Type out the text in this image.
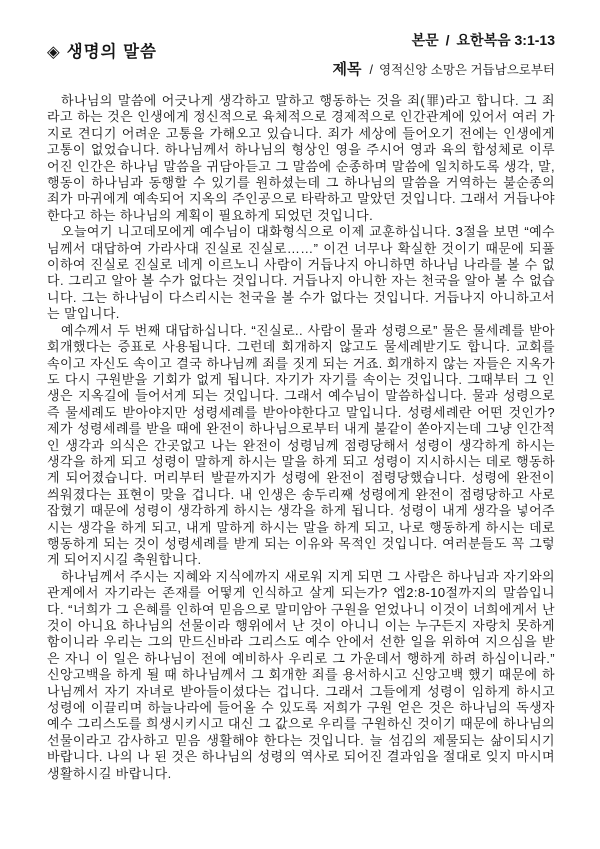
◈ 생명의 말씀
본문 / 요한복음 3:1-13
제목 / 영적신앙 소망은 거듭남으로부터

하나님의 말씀에 어긋나게 생각하고 말하고 행동하는 것을 죄(罪)라고 합니다. 그 죄라고 하는 것은 인생에게 정신적으로 육체적으로 경제적으로 인간관계에 있어서 여러 가지로 견디기 어려운 고통을 가해오고 있습니다. 죄가 세상에 들어오기 전에는 인생에게 고통이 없었습니다. 하나님께서 하나님의 형상인 영을 주시어 영과 육의 합성체로 이루어진 인간은 하나님 말씀을 귀담아듣고 그 말씀에 순종하며 말씀에 일치하도록 생각, 말, 행동이 하나님과 동행할 수 있기를 원하셨는데 그 하나님의 말씀을 거역하는 불순종의 죄가 마귀에게 예속되어 지옥의 주인공으로 타락하고 말았던 것입니다. 그래서 거듭나야한다고 하는 하나님의 계획이 필요하게 되었던 것입니다.

오늘여기 니고데모에게 예수님이 대화형식으로 이제 교훈하십니다. 3절을 보면 “예수님께서 대답하여 가라사대 진실로 진실로……” 이건 너무나 확실한 것이기 때문에 되풀이하여 진실로 진실로 네게 이르노니 사람이 거듭나지 아니하면 하나님 나라를 볼 수 없다. 그리고 알아 볼 수가 없다는 것입니다. 거듭나지 아니한 자는 천국을 알아 볼 수 없습니다. 그는 하나님이 다스리시는 천국을 볼 수가 없다는 것입니다. 거듭나지 아니하고서는 말입니다.

예수께서 두 번째 대답하십니다. “진실로.. 사람이 물과 성령으로” 물은 물세례를 받아 회개했다는 증표로 사용됩니다. 그런데 회개하지 않고도 물세례받기도 합니다. 교회를 속이고 자신도 속이고 결국 하나님께 죄를 짓게 되는 거죠. 회개하지 않는 자들은 지옥가도 다시 구원받을 기회가 없게 됩니다. 자기가 자기를 속이는 것입니다. 그때부터 그 인생은 지옥길에 들어서게 되는 것입니다. 그래서 예수님이 말씀하십니다. 물과 성령으로 즉 물세례도 받아야지만 성령세례를 받아야한다고 말입니다. 성령세례란 어떤 것인가? 제가 성령세례를 받을 때에 완전이 하나님으로부터 내게 불같이 쏟아지는데 그냥 인간적인 생각과 의식은 간곳없고 나는 완전이 성령님께 점령당해서 성령이 생각하게 하시는 생각을 하게 되고 성령이 말하게 하시는 말을 하게 되고 성령이 지시하시는 데로 행동하게 되어졌습니다. 머리부터 발끝까지가 성령에 완전이 점령당했습니다. 성령에 완전이 씌워졌다는 표현이 맞을 겁니다. 내 인생은 송두리째 성령에게 완전이 점령당하고 사로잡혔기 때문에 성령이 생각하게 하시는 생각을 하게 됩니다. 성령이 내게 생각을 넣어주시는 생각을 하게 되고, 내게 말하게 하시는 말을 하게 되고, 나로 행동하게 하시는 데로 행동하게 되는 것이 성령세례를 받게 되는 이유와 목적인 것입니다. 여러분들도 꼭 그렇게 되어지시길 축원합니다.

하나님께서 주시는 지혜와 지식에까지 새로워 지게 되면 그 사람은 하나님과 자기와의 관계에서 자기라는 존재를 어떻게 인식하고 살게 되는가? 엡2:8-10절까지의 말씀입니다. “너희가 그 은혜를 인하여 믿음으로 말미암아 구원을 얻었나니 이것이 너희에게서 난 것이 아니요 하나님의 선물이라 행위에서 난 것이 아니니 이는 누구든지 자랑치 못하게 함이니라 우리는 그의 만드신바라 그리스도 예수 안에서 선한 일을 위하여 지으심을 받은 자니 이 일은 하나님이 전에 예비하사 우리로 그 가운데서 행하게 하려 하심이니라.” 신앙고백을 하게 될 때 하나님께서 그 회개한 죄를 용서하시고 신앙고백 했기 때문에 하나님께서 자기 자녀로 받아들이셨다는 겁니다. 그래서 그들에게 성령이 임하게 하시고 성령에 이끌리며 하늘나라에 들어올 수 있도록 저희가 구원 얻은 것은 하나님의 독생자 예수 그리스도를 희생시키시고 대신 그 값으로 우리를 구원하신 것이기 때문에 하나님의 선물이라고 감사하고 믿음 생활해야 한다는 것입니다. 늘 섬김의 제물되는 삶이되시기 바랍니다. 나의 나 된 것은 하나님의 성령의 역사로 되어진 결과임을 절대로 잊지 마시며 생활하시길 바랍니다.
